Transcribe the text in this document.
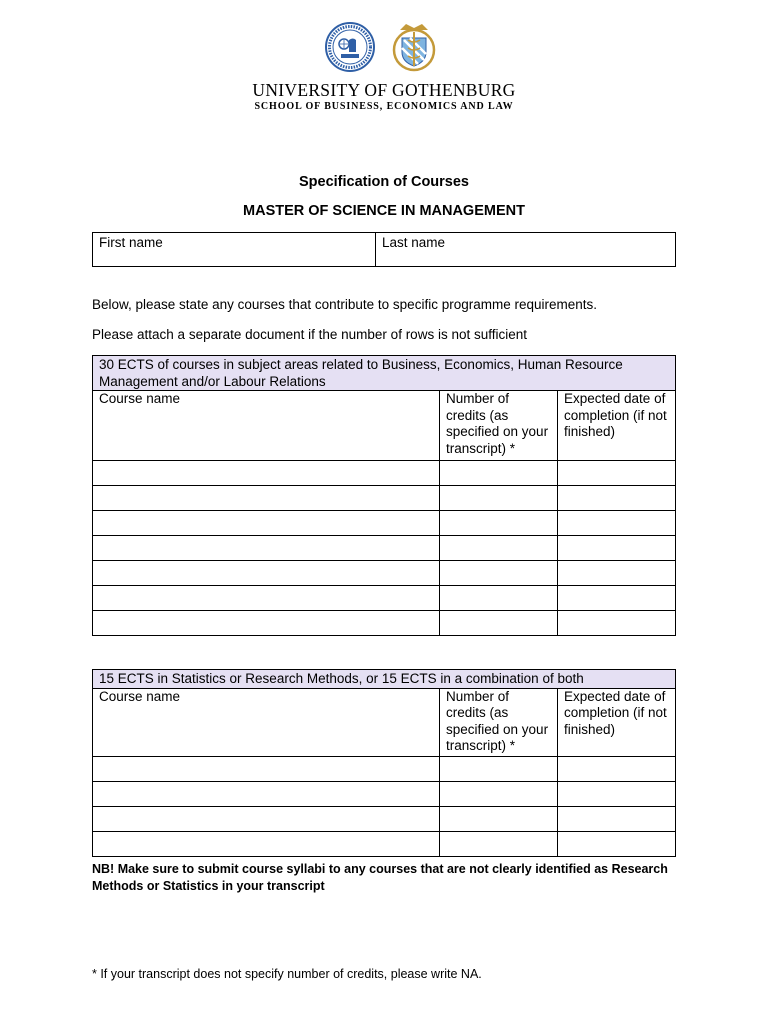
UNIVERSITY OF GOTHENBURG
SCHOOL OF BUSINESS, ECONOMICS AND LAW
Specification of Courses
MASTER OF SCIENCE IN MANAGEMENT
First name	Last name
Below, please state any courses that contribute to specific programme requirements.
Please attach a separate document if the number of rows is not sufficient
30 ECTS of courses in subject areas related to Business, Economics, Human Resource Management and/or Labour Relations		
Course name	Number of credits (as specified on your transcript) *	Expected date of completion (if not finished)

15 ECTS in Statistics or Research Methods, or 15 ECTS in a combination of both		
Course name	Number of credits (as specified on your transcript) *	Expected date of completion (if not finished)

NB! Make sure to submit course syllabi to any courses that are not clearly identified as Research Methods or Statistics in your transcript
* If your transcript does not specify number of credits, please write NA.
